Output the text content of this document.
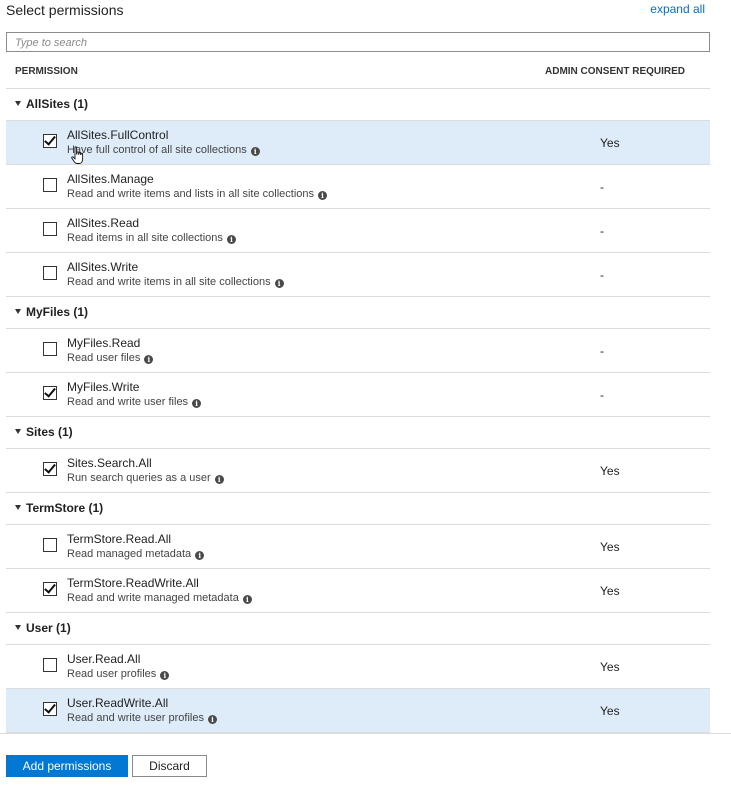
Select permissions	expand all
Type to search
PERMISSION	ADMIN CONSENT REQUIRED
AllSites (1)
AllSites.FullControl
Have full control of all site collections i
Yes
AllSites.Manage
Read and write items and lists in all site collections i
-
AllSites.Read
Read items in all site collections i
-
AllSites.Write
Read and write items in all site collections i
-
MyFiles (1)
MyFiles.Read
Read user files i
-
MyFiles.Write
Read and write user files i
-
Sites (1)
Sites.Search.All
Run search queries as a user i
Yes
TermStore (1)
TermStore.Read.All
Read managed metadata i
Yes
TermStore.ReadWrite.All
Read and write managed metadata i
Yes
User (1)
User.Read.All
Read user profiles i
Yes
User.ReadWrite.All
Read and write user profiles i
Yes
Add permissions	Discard
